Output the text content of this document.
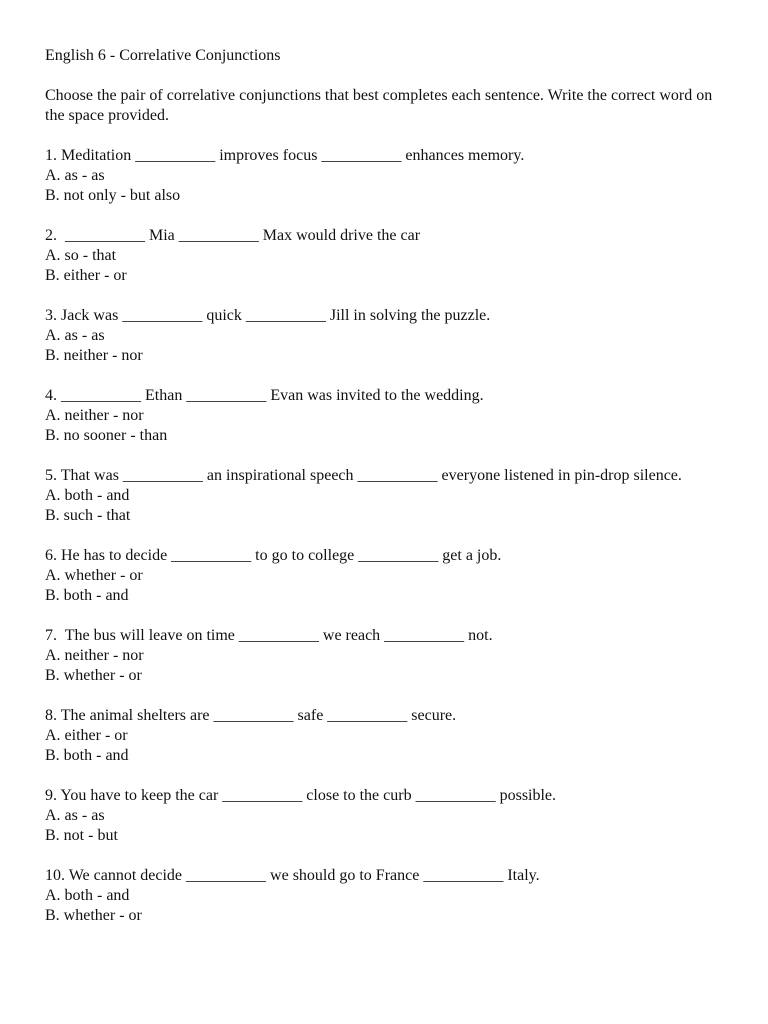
English 6 - Correlative Conjunctions

Choose the pair of correlative conjunctions that best completes each sentence. Write the correct word on the space provided.

1. Meditation __________ improves focus __________ enhances memory.

A. as - as

B. not only - but also

2.  __________ Mia __________ Max would drive the car

A. so - that

B. either - or

3. Jack was __________ quick __________ Jill in solving the puzzle.

A. as - as

B. neither - nor

4. __________ Ethan __________ Evan was invited to the wedding.

A. neither - nor

B. no sooner - than

5. That was __________ an inspirational speech __________ everyone listened in pin-drop silence.

A. both - and

B. such - that

6. He has to decide __________ to go to college __________ get a job.

A. whether - or

B. both - and

7.  The bus will leave on time __________ we reach __________ not.

A. neither - nor

B. whether - or

8. The animal shelters are __________ safe __________ secure.

A. either - or

B. both - and

9. You have to keep the car __________ close to the curb __________ possible.

A. as - as

B. not - but

10. We cannot decide __________ we should go to France __________ Italy.

A. both - and

B. whether - or
